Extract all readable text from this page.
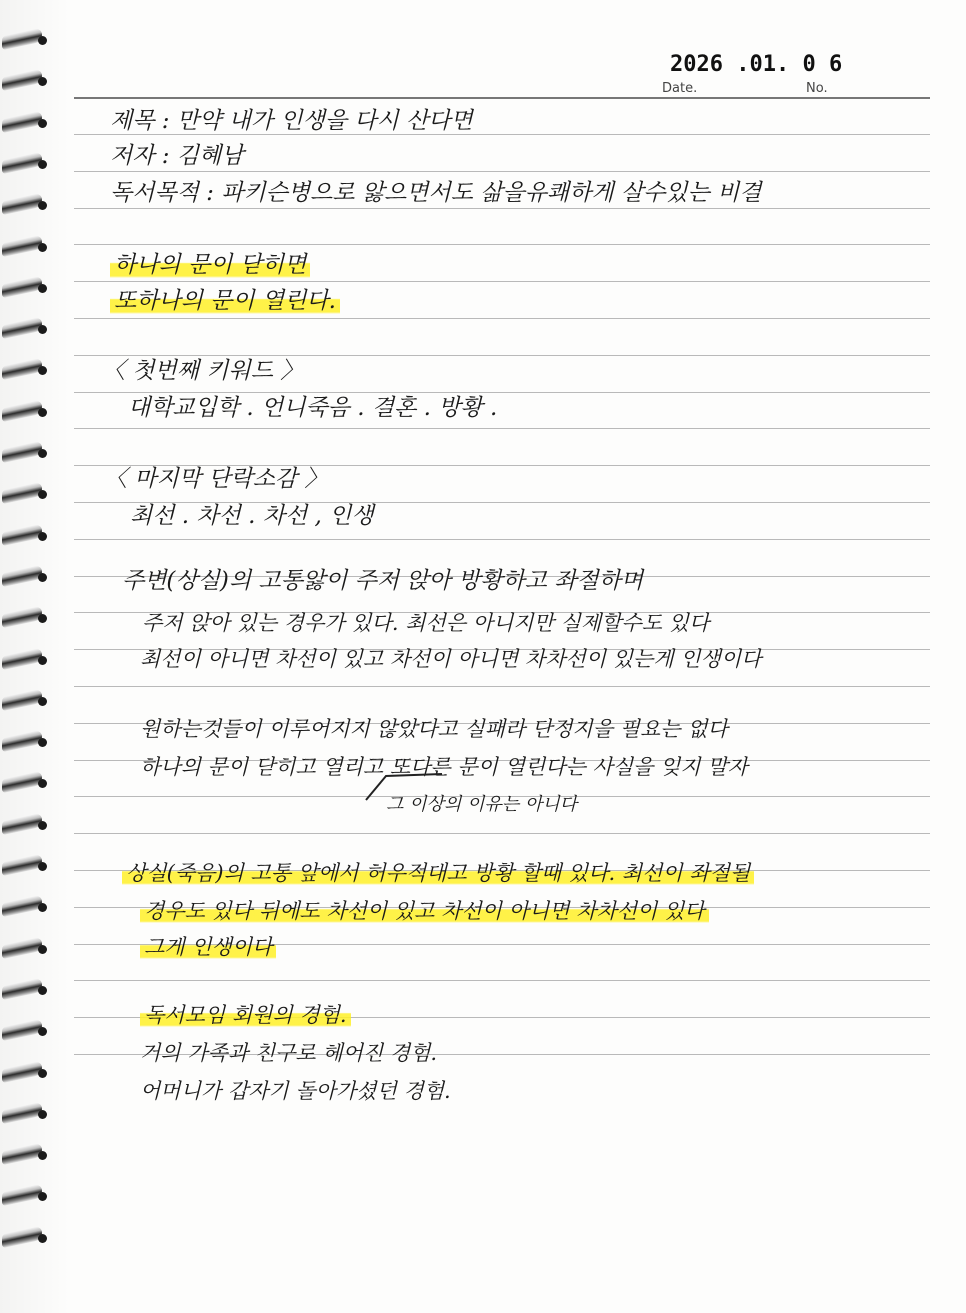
2026 .01. 0 6
Date.	No.
제목 : 만약 내가 인생을 다시 산다면
저자 : 김혜남
독서목적 : 파키슨병으로 앓으면서도 삶을유쾌하게 살수있는 비결
하나의 문이 닫히면
또하나의 문이 열린다.
〈 첫번째 키워드 〉
대학교입학 . 언니죽음 . 결혼 . 방황 .
〈 마지막 단락소감 〉
최선 . 차선 . 차선 , 인생
주변(상실)의 고통앓이 주저 앉아 방황하고 좌절하며
주저 앉아 있는 경우가 있다. 최선은 아니지만 실제할수도 있다
최선이 아니면 차선이 있고 차선이 아니면 차차선이 있는게 인생이다
원하는것들이 이루어지지 않았다고 실패라 단정지을 필요는 없다
하나의 문이 닫히고 열리고 또다른 문이 열린다는 사실을 잊지 말자
그 이상의 이유는 아니다
상실(죽음)의 고통 앞에서 허우적대고 방황 할때 있다. 최선이 좌절될
경우도 있다 뒤에도 차선이 있고 차선이 아니면 차차선이 있다
그게 인생이다
독서모임 회원의 경험.
거의 가족과 친구로 헤어진 경험.
어머니가 갑자기 돌아가셨던 경험.
